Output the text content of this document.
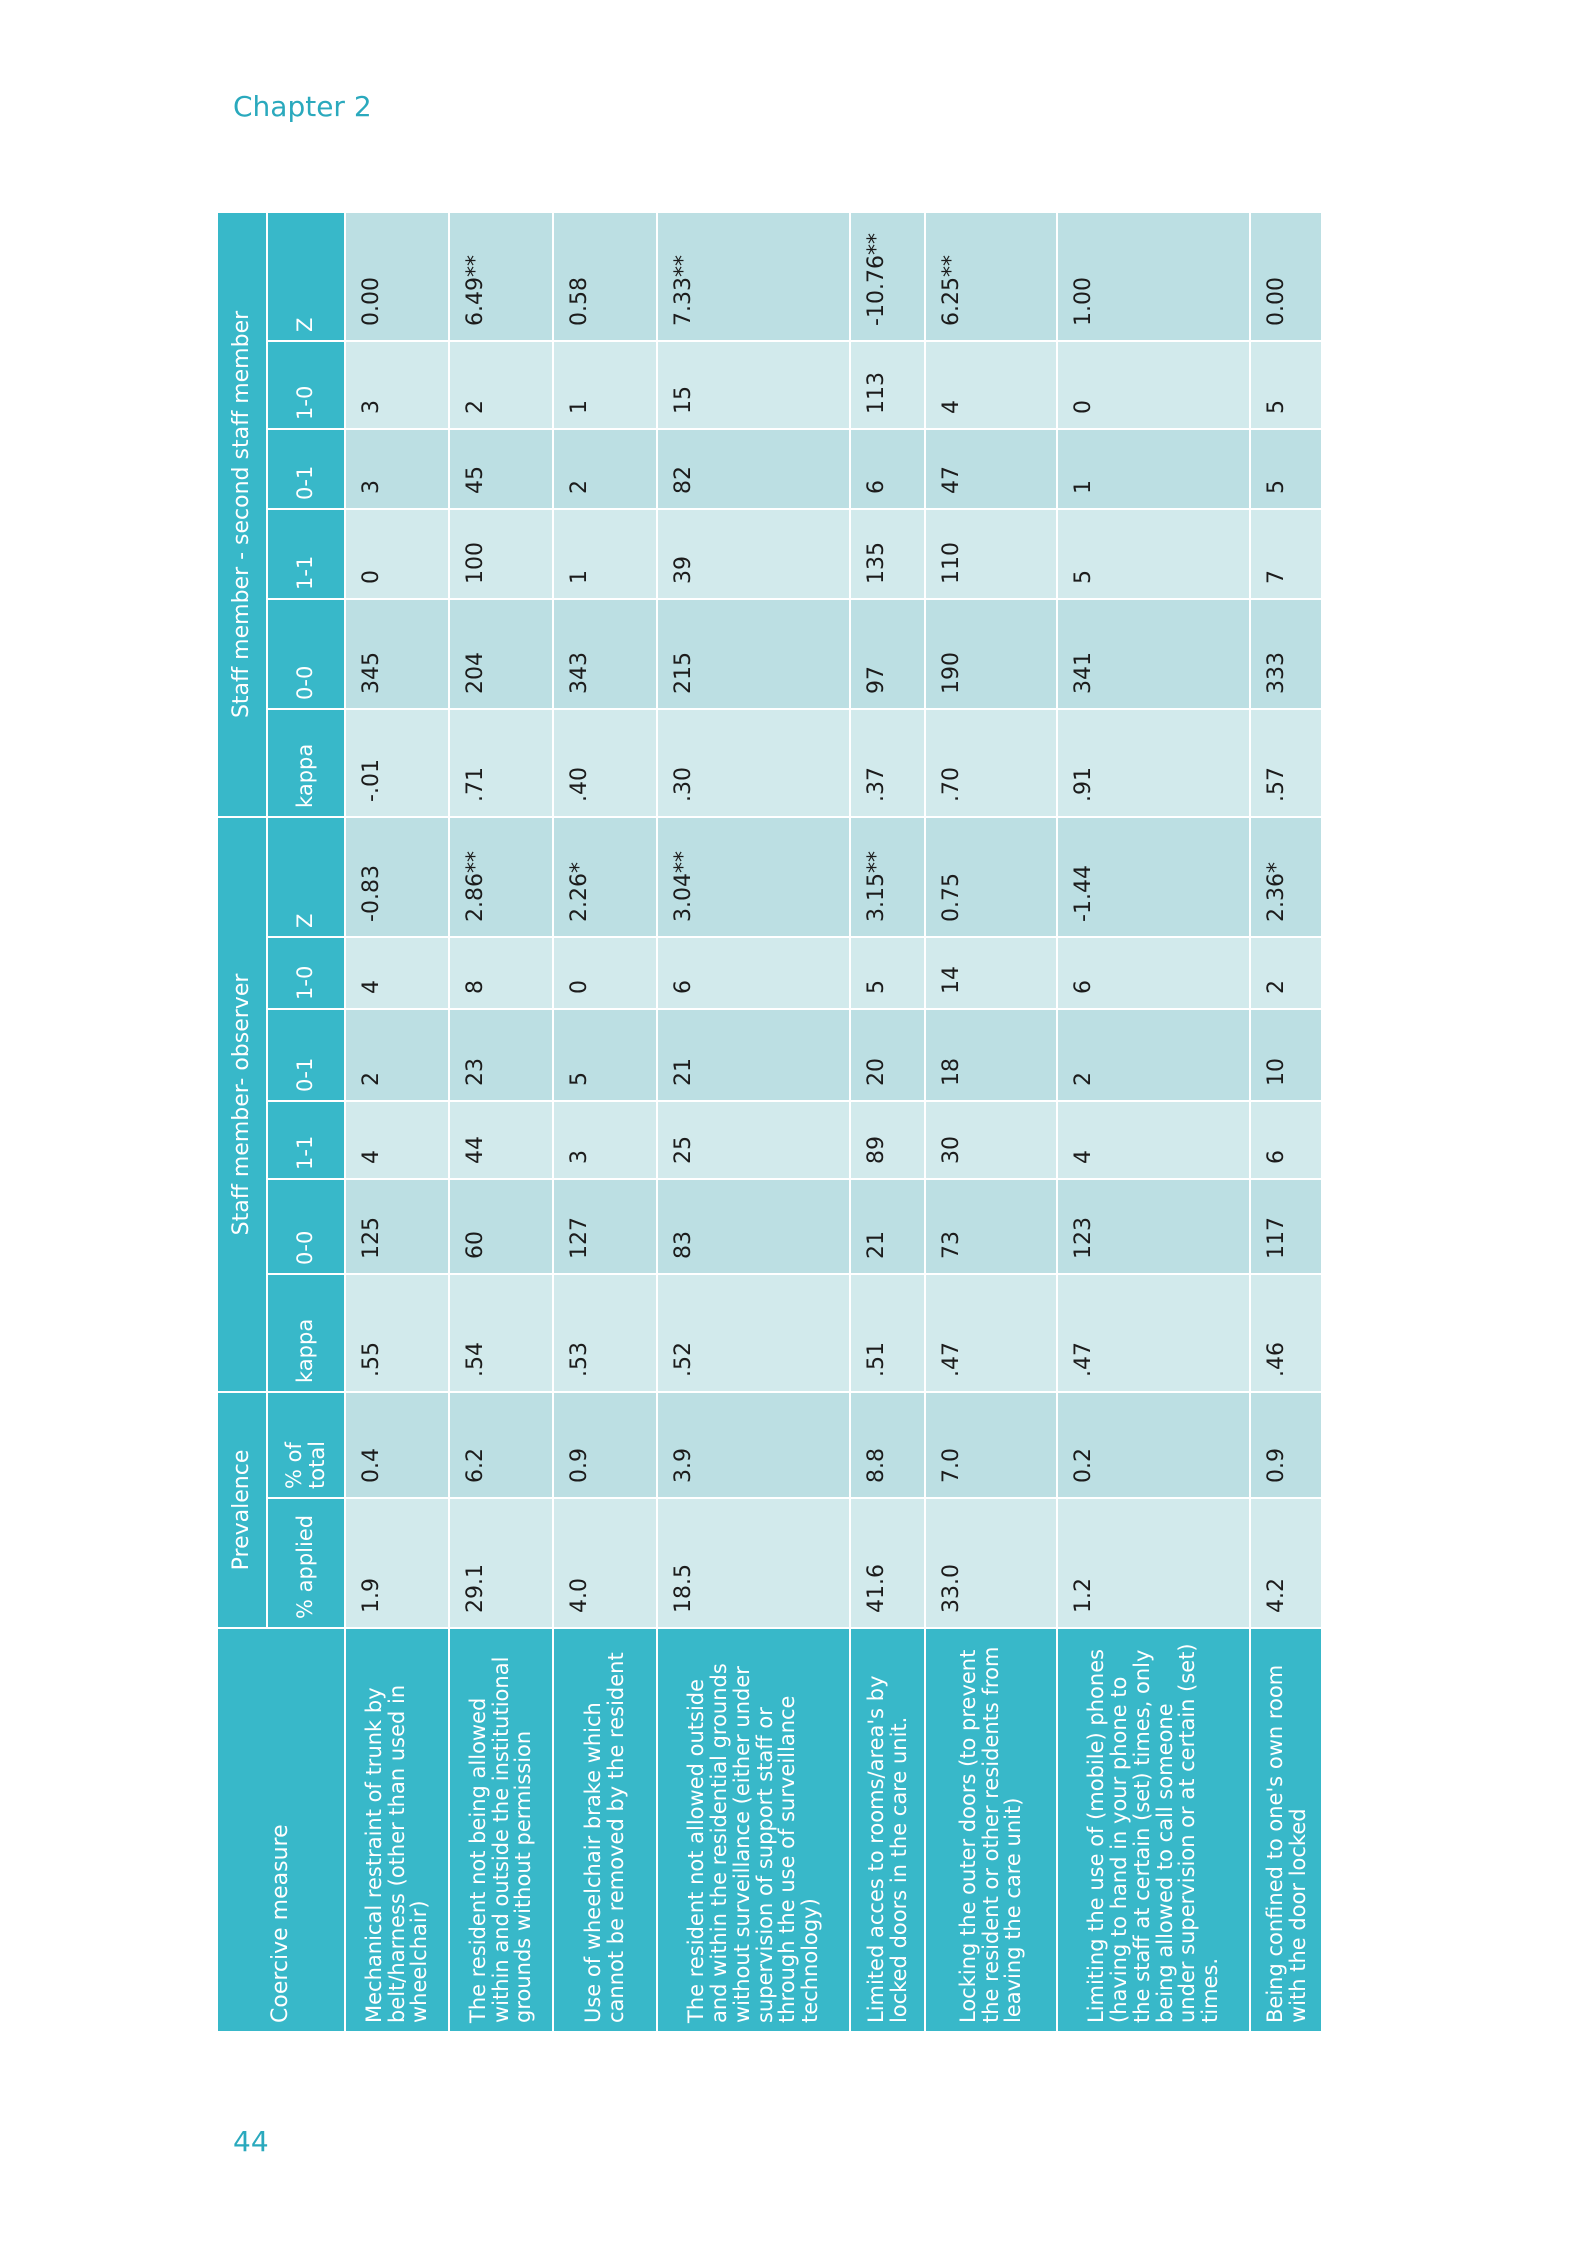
Chapter 2
Coercive measure	Prevalence		Staff member- observer						Staff member - second staff member					
	% applied	% of total	kappa	0-0	1-1	0-1	1-0	Z	kappa	0-0	1-1	0-1	1-0	Z
Mechanical restraint of trunk by belt/harness (other than used in wheelchair)	1.9	0.4	.55	125	4	2	4	-0.83	-.01	345	0	3	3	0.00
The resident not being allowed within and outside the institutional grounds without permission	29.1	6.2	.54	60	44	23	8	2.86**	.71	204	100	45	2	6.49**
Use of wheelchair brake which cannot be removed by the resident	4.0	0.9	.53	127	3	5	0	2.26*	.40	343	1	2	1	0.58
The resident not allowed outside and within the residential grounds without surveillance (either under supervision of support staff or through the use of surveillance technology)	18.5	3.9	.52	83	25	21	6	3.04**	.30	215	39	82	15	7.33**
Limited acces to rooms/area's by locked doors in the care unit.	41.6	8.8	.51	21	89	20	5	3.15**	.37	97	135	6	113	-10.76**
Locking the outer doors (to prevent the resident or other residents from leaving the care unit)	33.0	7.0	.47	73	30	18	14	0.75	.70	190	110	47	4	6.25**
Limiting the use of (mobile) phones (having to hand in your phone to the staff at certain (set) times, only being allowed to call someone under supervision or at certain (set) times.	1.2	0.2	.47	123	4	2	6	-1.44	.91	341	5	1	0	1.00
Being confined to one's own room with the door locked	4.2	0.9	.46	117	6	10	2	2.36*	.57	333	7	5	5	0.00
44
